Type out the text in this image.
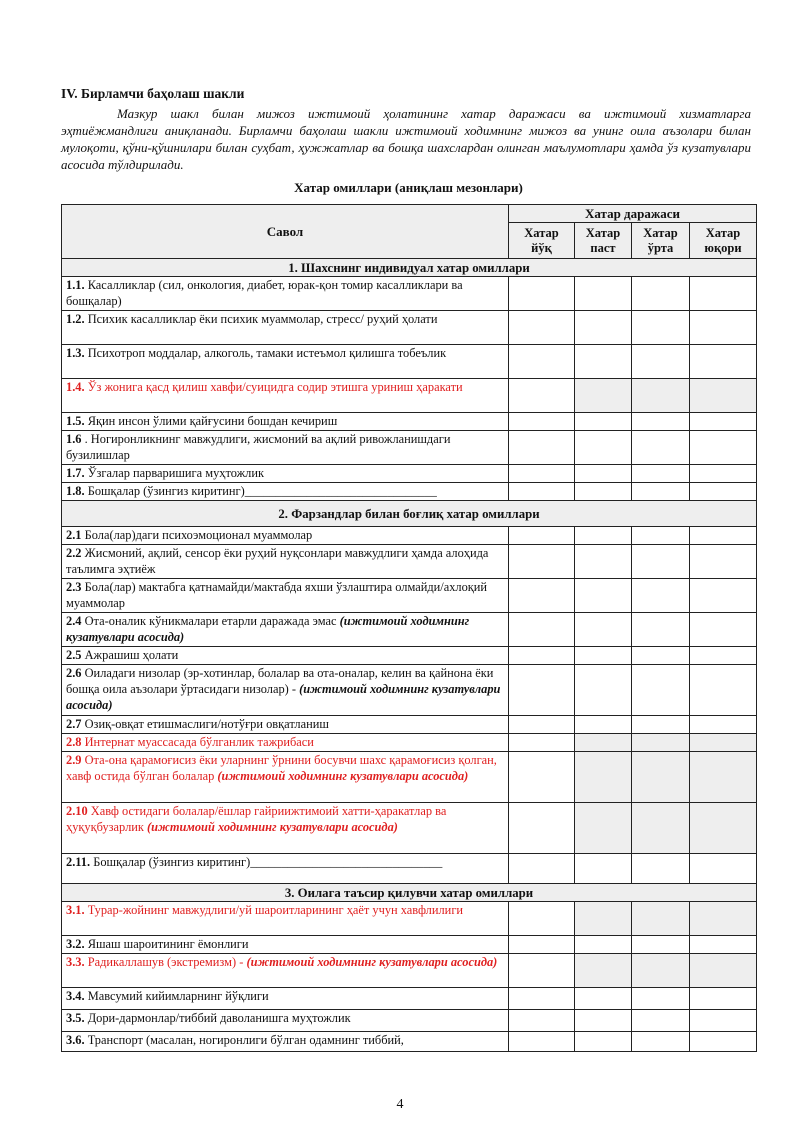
IV. Бирламчи баҳолаш шакли
Мазкур шакл билан мижоз ижтимоий ҳолатининг хатар даражаси ва ижтимоий хизматларга эҳтиёжмандлиги аниқланади. Бирламчи баҳолаш шакли ижтимоий ходимнинг мижоз ва унинг оила аъзолари билан мулоқоти, қўни-қўшнилари билан суҳбат, ҳужжатлар ва бошқа шахслардан олинган маълумотлари ҳамда ўз кузатувлари асосида тўлдирилади.
Хатар омиллари (аниқлаш мезонлари)
Савол	Хатар даражаси			
	Хатар йўқ	Хатар паст	Хатар ўрта	Хатар юқори
1. Шахснинг индивидуал хатар омиллари				
1.1. Касалликлар (сил, онкология, диабет, юрак-қон томир касалликлари ва бошқалар)				
1.2. Психик касалликлар ёки психик муаммолар, стресс/ руҳий ҳолати				
1.3. Психотроп моддалар, алкоголь, тамаки истеъмол қилишга тобеълик				
1.4. Ўз жонига қасд қилиш хавфи/суицидга содир этишга уриниш ҳаракати				
1.5. Яқин инсон ўлими қайғусини бошдан кечириш				
1.6 . Ногиронликнинг мавжудлиги, жисмоний ва ақлий ривожланишдаги бузилишлар				
1.7. Ўзгалар парваришига муҳтожлик				
1.8. Бошқалар (ўзингиз киритинг)_______________________________				
2. Фарзандлар билан боғлиқ хатар омиллари				
2.1 Бола(лар)даги психоэмоционал муаммолар				
2.2 Жисмоний, ақлий, сенсор ёки руҳий нуқсонлари мавжудлиги ҳамда алоҳида таълимга эҳтиёж				
2.3 Бола(лар) мактабга қатнамайди/мактабда яхши ўзлаштира олмайди/ахлоқий муаммолар				
2.4 Ота-оналик кўникмалари етарли даражада эмас (ижтимоий ходимнинг кузатувлари асосида)				
2.5 Ажрашиш ҳолати				
2.6 Оиладаги низолар (эр-хотинлар, болалар ва ота-оналар, келин ва қайнона ёки бошқа оила аъзолари ўртасидаги низолар) - (ижтимоий ходимнинг кузатувлари асосида)				
2.7 Озиқ-овқат етишмаслиги/нотўғри овқатланиш				
2.8 Интернат муассасада бўлганлик тажрибаси				
2.9 Ота-она қарамоғисиз ёки уларнинг ўрнини босувчи шахс қарамоғисиз қолган, хавф остида бўлган болалар (ижтимоий ходимнинг кузатувлари асосида)				
2.10 Хавф остидаги болалар/ёшлар гайриижтимоий хатти-ҳаракатлар ва ҳуқуқбузарлик (ижтимоий ходимнинг кузатувлари асосида)				
2.11. Бошқалар (ўзингиз киритинг)_______________________________				
3. Оилага таъсир қилувчи хатар омиллари				
3.1. Турар-жойнинг мавжудлиги/уй шароитларининг ҳаёт учун хавфлилиги				
3.2. Яшаш шароитининг ёмонлиги				
3.3. Радикаллашув (экстремизм) - (ижтимоий ходимнинг кузатувлари асосида)				
3.4. Мавсумий кийимларнинг йўқлиги				
3.5. Дори-дармонлар/тиббий даволанишга муҳтожлик				
3.6. Транспорт (масалан, ногиронлиги бўлган одамнинг тиббий,				
4
